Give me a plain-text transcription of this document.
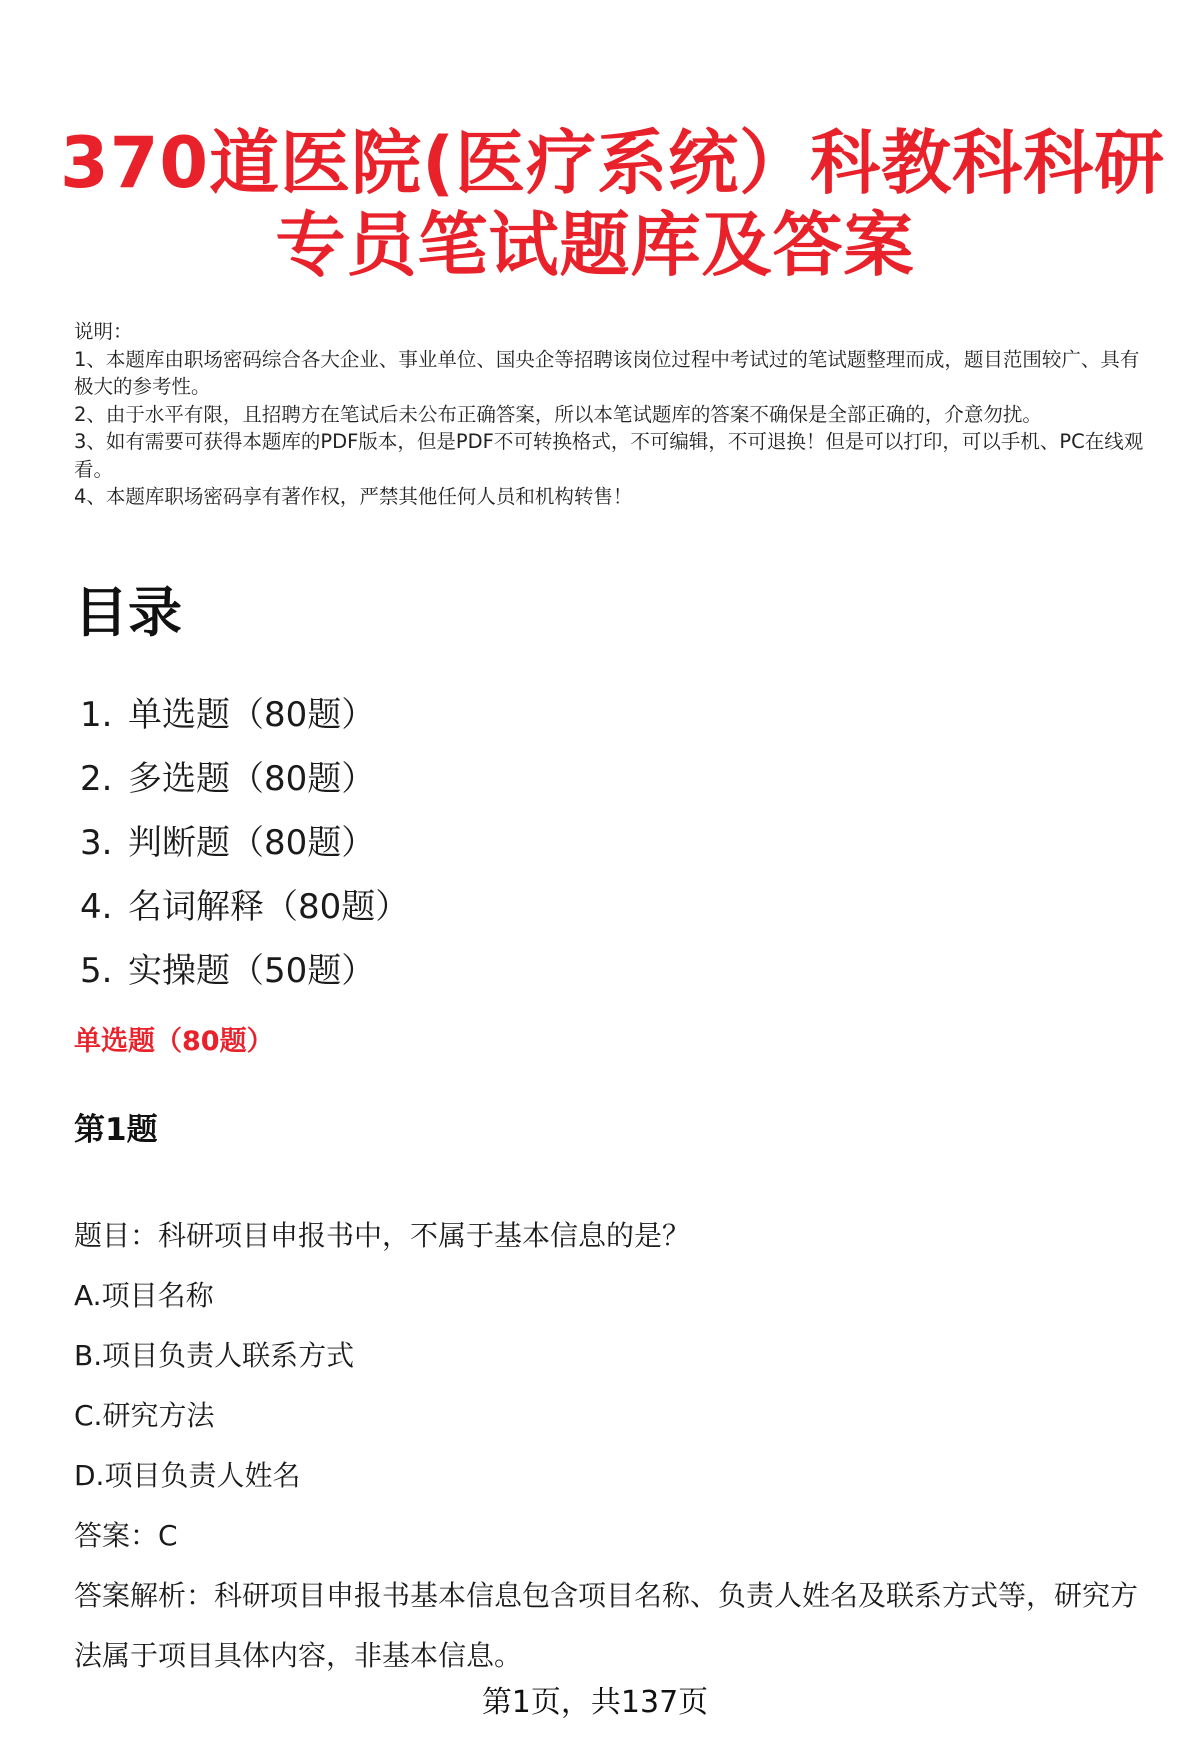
370道医院(医疗系统）科教科科研
专员笔试题库及答案

说明：

1、本题库由职场密码综合各大企业、事业单位、国央企等招聘该岗位过程中考试过的笔试题整理而成，题目范围较广、具有极大的参考性。

2、由于水平有限，且招聘方在笔试后未公布正确答案，所以本笔试题库的答案不确保是全部正确的，介意勿扰。

3、如有需要可获得本题库的PDF版本，但是PDF不可转换格式，不可编辑，不可退换！但是可以打印，可以手机、PC在线观看。

4、本题库职场密码享有著作权，严禁其他任何人员和机构转售！

目录
1. 单选题（80题）
2. 多选题（80题）
3. 判断题（80题）
4. 名词解释（80题）
5. 实操题（50题）
单选题（80题）
第1题

题目：科研项目申报书中，不属于基本信息的是？

A.项目名称

B.项目负责人联系方式

C.研究方法

D.项目负责人姓名

答案：C

答案解析：科研项目申报书基本信息包含项目名称、负责人姓名及联系方式等，研究方法属于项目具体内容，非基本信息。

第1页，共137页
